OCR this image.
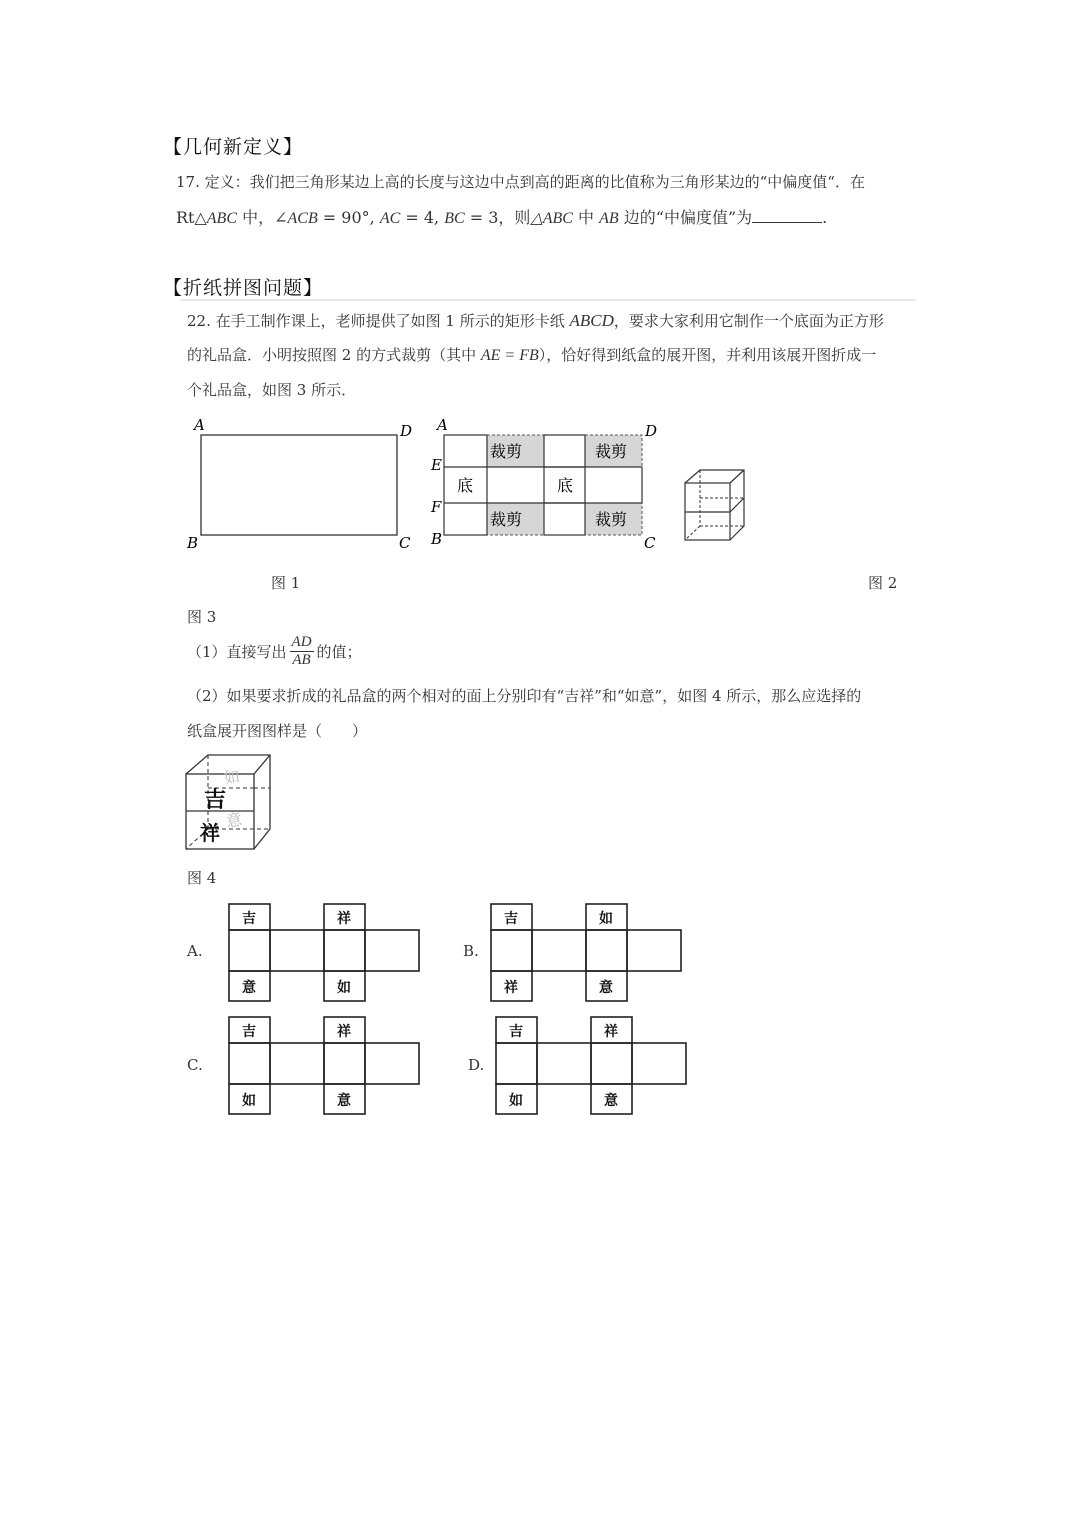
【几何新定义】
17. 定义：我们把三角形某边上高的长度与这边中点到高的距离的比值称为三角形某边的“中偏度值“．在
Rt△ABC 中，∠ACB = 90°, AC = 4, BC = 3，则△ABC 中 AB 边的“中偏度值”为	.
【折纸拼图问题】
22. 在手工制作课上，老师提供了如图 1 所示的矩形卡纸 ABCD，要求大家利用它制作一个底面为正方形
的礼品盒．小明按照图 2 的方式裁剪（其中 AE = FB），恰好得到纸盒的展开图，并利用该展开图折成一
个礼品盒，如图 3 所示．
A	D
B	C
裁剪	裁剪
裁剪	裁剪
底	底
A	D
E
F
B	C
图 1	图 2
图 3
（1）直接写出 $\frac{AD}{AB}$ 的值；
（2）如果要求折成的礼品盒的两个相对的面上分别印有“吉祥”和“如意”，如图 4 所示，那么应选择的
纸盒展开图图样是（　　）
如
意
吉
祥
图 4
A.
吉	祥
意	如
B.
吉	如
祥	意
C.
吉	祥
如	意
D.
吉	祥
如	意
